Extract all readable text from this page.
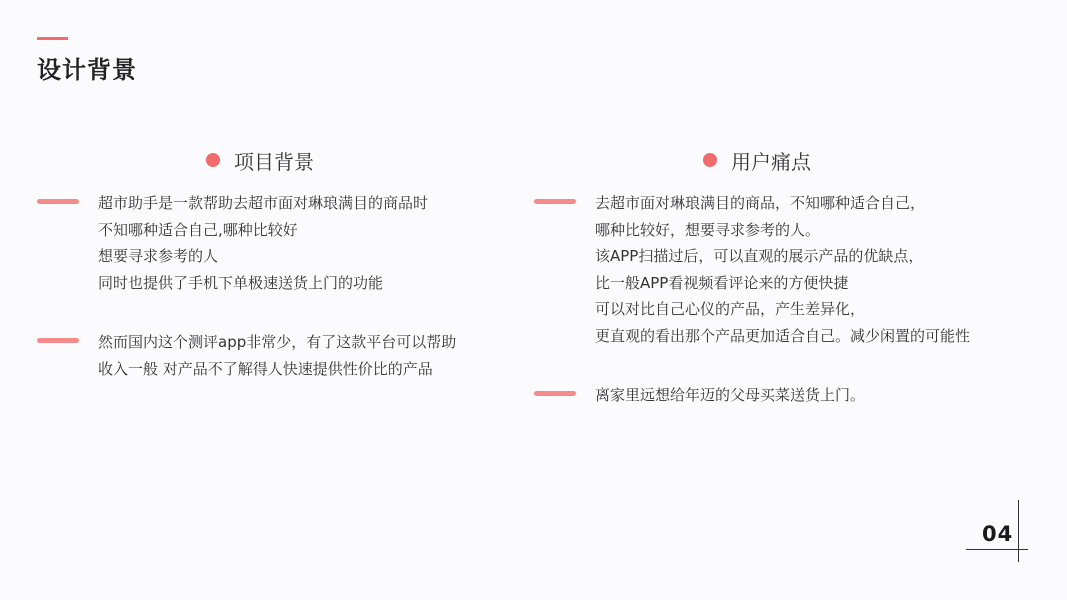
设计背景
项目背景
超市助手是一款帮助去超市面对琳琅满目的商品时
不知哪种适合自己,哪种比较好
想要寻求参考的人
同时也提供了手机下单极速送货上门的功能
然而国内这个测评app非常少，有了这款平台可以帮助
收入一般 对产品不了解得人快速提供性价比的产品
用户痛点
去超市面对琳琅满目的商品，不知哪种适合自己，
哪种比较好，想要寻求参考的人。
该APP扫描过后，可以直观的展示产品的优缺点，
比一般APP看视频看评论来的方便快捷
可以对比自己心仪的产品，产生差异化，
更直观的看出那个产品更加适合自己。减少闲置的可能性
离家里远想给年迈的父母买菜送货上门。
04
